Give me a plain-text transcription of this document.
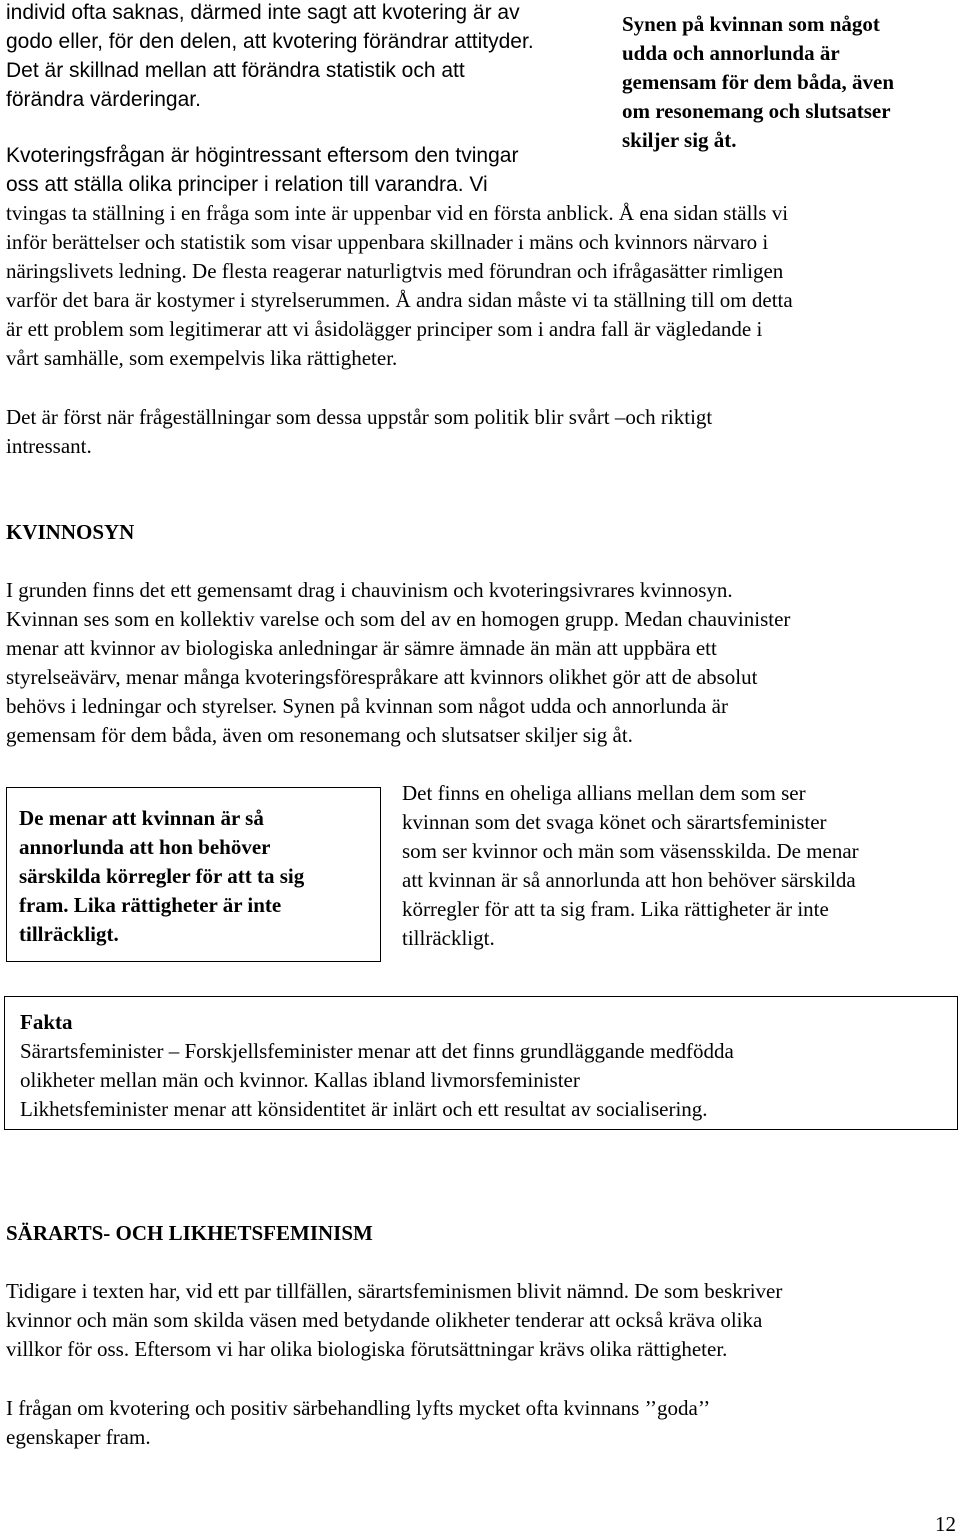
individ ofta saknas, därmed inte sagt att kvotering är av
godo eller, för den delen, att kvotering förändrar attityder.
Det är skillnad mellan att förändra statistik och att
förändra värderingar.
Kvoteringsfrågan är högintressant eftersom den tvingar
oss att ställa olika principer i relation till varandra. Vi
Synen på kvinnan som något
udda och annorlunda är
gemensam för dem båda, även
om resonemang och slutsatser
skiljer sig åt.
tvingas ta ställning i en fråga som inte är uppenbar vid en första anblick. Å ena sidan ställs vi
inför berättelser och statistik som visar uppenbara skillnader i mäns och kvinnors närvaro i
näringslivets ledning. De flesta reagerar naturligtvis med förundran och ifrågasätter rimligen
varför det bara är kostymer i styrelserummen. Å andra sidan måste vi ta ställning till om detta
är ett problem som legitimerar att vi åsidolägger principer som i andra fall är vägledande i
vårt samhälle, som exempelvis lika rättigheter.
Det är först när frågeställningar som dessa uppstår som politik blir svårt –och riktigt
intressant.
KVINNOSYN
I grunden finns det ett gemensamt drag i chauvinism och kvoteringsivrares kvinnosyn.
Kvinnan ses som en kollektiv varelse och som del av en homogen grupp. Medan chauvinister
menar att kvinnor av biologiska anledningar är sämre ämnade än män att uppbära ett
styrelseävärv, menar många kvoteringsförespråkare att kvinnors olikhet gör att de absolut
behövs i ledningar och styrelser. Synen på kvinnan som något udda och annorlunda är
gemensam för dem båda, även om resonemang och slutsatser skiljer sig åt.
De menar att kvinnan är så
annorlunda att hon behöver
särskilda körregler för att ta sig
fram. Lika rättigheter är inte
tillräckligt.
Det finns en oheliga allians mellan dem som ser
kvinnan som det svaga könet och särartsfeminister
som ser kvinnor och män som väsensskilda. De menar
att kvinnan är så annorlunda att hon behöver särskilda
körregler för att ta sig fram. Lika rättigheter är inte
tillräckligt.
Fakta
Särartsfeminister – Forskjellsfeminister menar att det finns grundläggande medfödda
olikheter mellan män och kvinnor. Kallas ibland livmorsfeminister
Likhetsfeminister menar att könsidentitet är inlärt och ett resultat av socialisering.
SÄRARTS- OCH LIKHETSFEMINISM
Tidigare i texten har, vid ett par tillfällen, särartsfeminismen blivit nämnd. De som beskriver
kvinnor och män som skilda väsen med betydande olikheter tenderar att också kräva olika
villkor för oss. Eftersom vi har olika biologiska förutsättningar krävs olika rättigheter.
I frågan om kvotering och positiv särbehandling lyfts mycket ofta kvinnans ’’goda’’
egenskaper fram.
12
